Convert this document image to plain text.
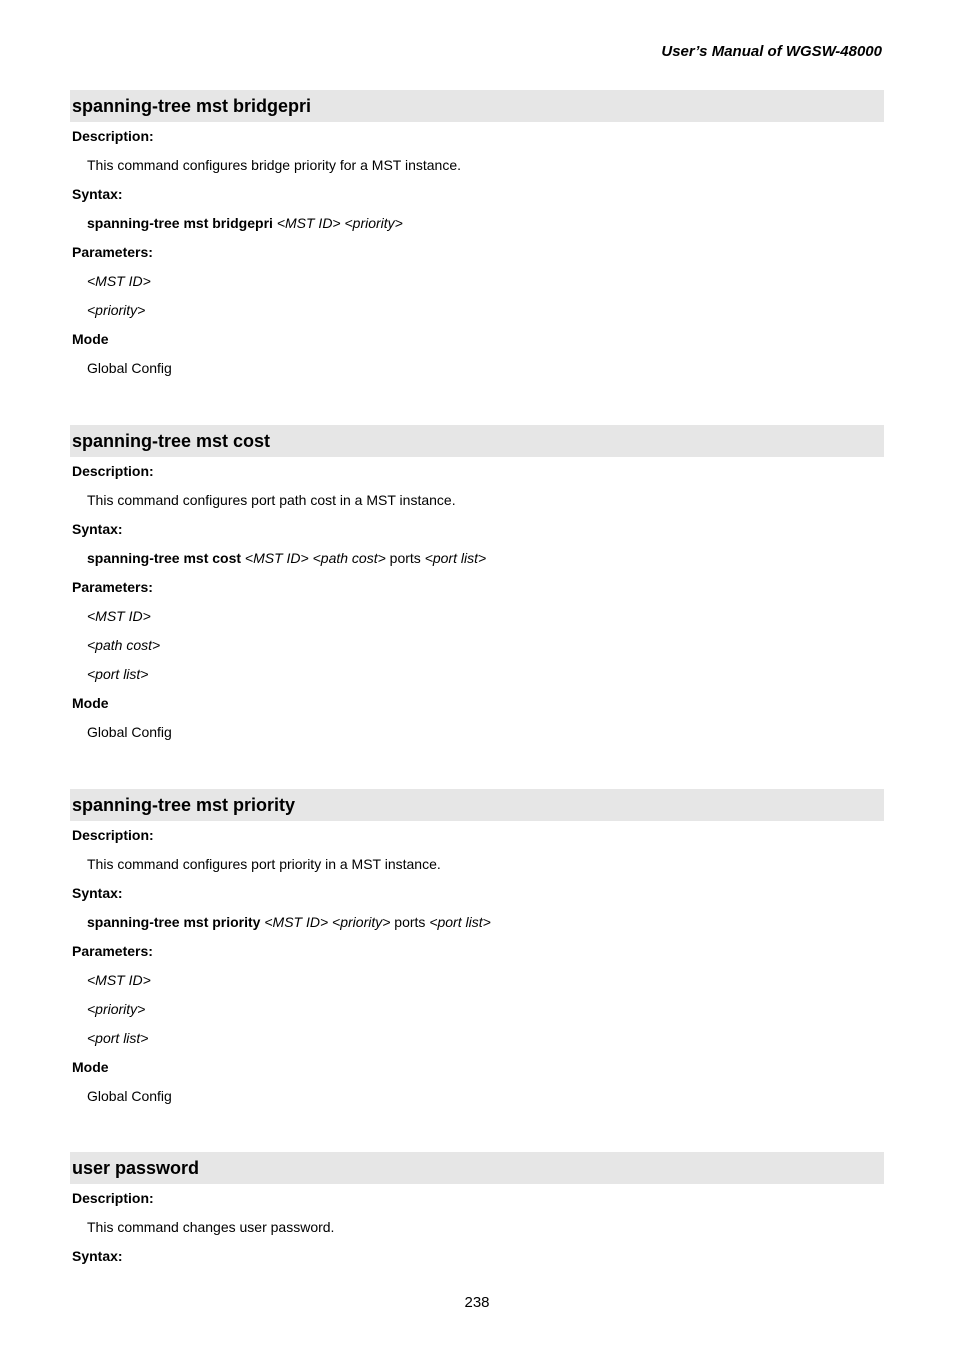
User’s Manual of WGSW-48000
spanning-tree mst bridgepri
Description:
This command configures bridge priority for a MST instance.
Syntax:
spanning-tree mst bridgepri <MST ID> <priority>
Parameters:
<MST ID>
<priority>
Mode
Global Config
spanning-tree mst cost
Description:
This command configures port path cost in a MST instance.
Syntax:
spanning-tree mst cost <MST ID> <path cost> ports <port list>
Parameters:
<MST ID>
<path cost>
<port list>
Mode
Global Config
spanning-tree mst priority
Description:
This command configures port priority in a MST instance.
Syntax:
spanning-tree mst priority <MST ID> <priority> ports <port list>
Parameters:
<MST ID>
<priority>
<port list>
Mode
Global Config
user password
Description:
This command changes user password.
Syntax:
238
